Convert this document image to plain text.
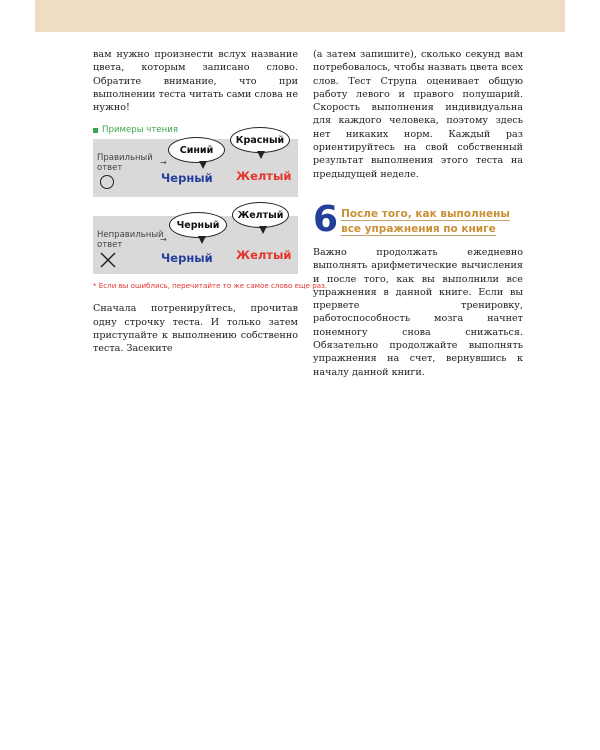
вам нужно произнести вслух название цвета, которым записано слово. Обратите внимание, что при выполнении теста читать сами слова не нужно!

Примеры чтения
Правильный
ответ
→
Синий
Красный
Черный Желтый
Неправильный
ответ
→
Черный
Желтый
Черный Желтый

* Если вы ошиблись, перечитайте то же самое слово еще раз.

Сначала потренируйтесь, прочитав одну строчку теста. И только затем приступайте к выполнению собственно теста. Засеките

(а затем запишите), сколько секунд вам потребовалось, чтобы назвать цвета всех слов. Тест Струпа оценивает общую работу левого и правого полушарий. Скорость выполнения индивидуальна для каждого человека, поэтому здесь нет никаких норм. Каждый раз ориентируйтесь на свой собственный результат выполнения этого теста на предыдущей неделе.

6 После того, как выполнены
все упражнения по книге

Важно продолжать ежедневно выполнять арифметические вычисления и после того, как вы выполнили все упражнения в данной книге. Если вы прервете тренировку, работоспособность мозга начнет понемногу снова снижаться. Обязательно продолжайте выполнять упражнения на счет, вернувшись к началу данной книги.
